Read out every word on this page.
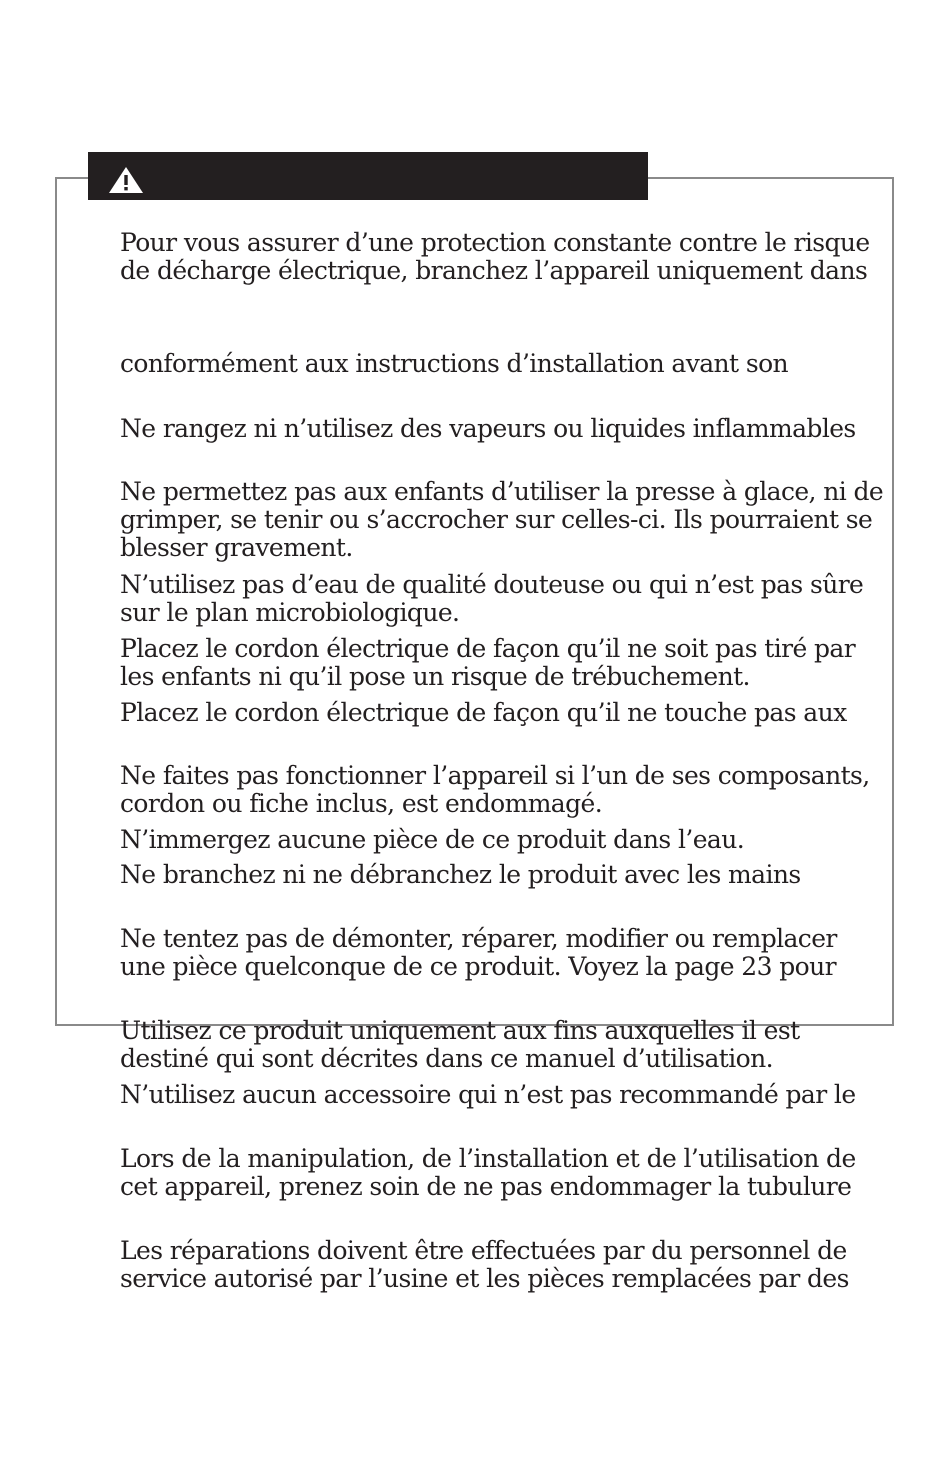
Pour vous assurer d’une protection constante contre le risque

de décharge électrique, branchez l’appareil uniquement dans

conformément aux instructions d’installation avant son

Ne rangez ni n’utilisez des vapeurs ou liquides inflammables

Ne permettez pas aux enfants d’utiliser la presse à glace, ni de

grimper, se tenir ou s’accrocher sur celles-ci. Ils pourraient se

blesser gravement.

N’utilisez pas d’eau de qualité douteuse ou qui n’est pas sûre

sur le plan microbiologique.

Placez le cordon électrique de façon qu’il ne soit pas tiré par

les enfants ni qu’il pose un risque de trébuchement.

Placez le cordon électrique de façon qu’il ne touche pas aux

Ne faites pas fonctionner l’appareil si l’un de ses composants,

cordon ou fiche inclus, est endommagé.

N’immergez aucune pièce de ce produit dans l’eau.

Ne branchez ni ne débranchez le produit avec les mains

Ne tentez pas de démonter, réparer, modifier ou remplacer

une pièce quelconque de ce produit. Voyez la page 23 pour

Utilisez ce produit uniquement aux fins auxquelles il est

destiné qui sont décrites dans ce manuel d’utilisation.

N’utilisez aucun accessoire qui n’est pas recommandé par le

Lors de la manipulation, de l’installation et de l’utilisation de

cet appareil, prenez soin de ne pas endommager la tubulure

Les réparations doivent être effectuées par du personnel de

service autorisé par l’usine et les pièces remplacées par des
